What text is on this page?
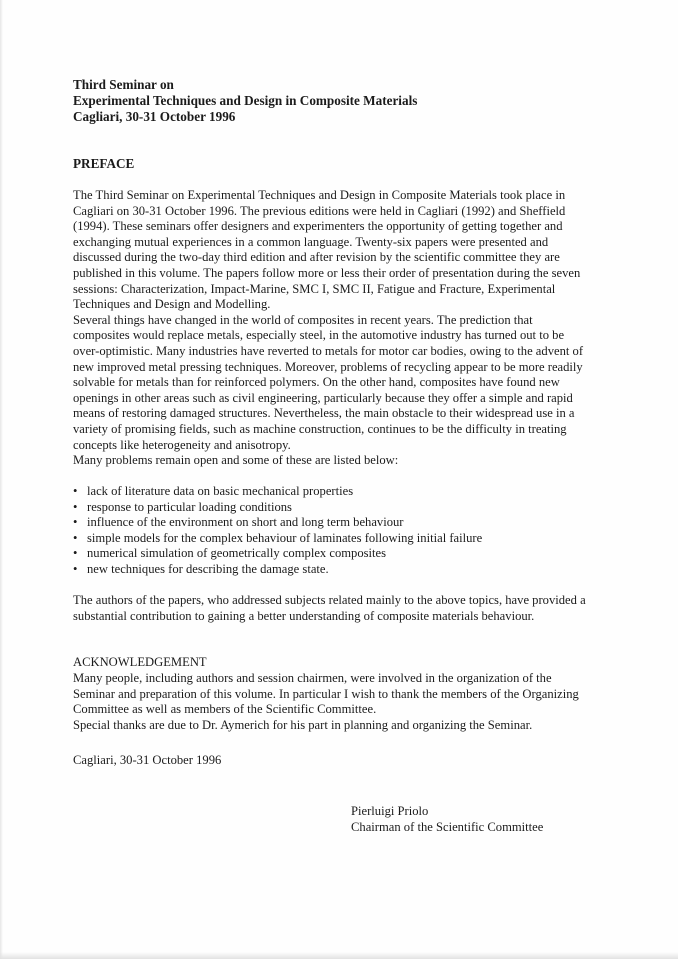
Third Seminar on
Experimental Techniques and Design in Composite Materials
Cagliari, 30-31 October 1996
PREFACE

The Third Seminar on Experimental Techniques and Design in Composite Materials took place in Cagliari on 30-31 October 1996. The previous editions were held in Cagliari (1992) and Sheffield (1994). These seminars offer designers and experimenters the opportunity of getting together and exchanging mutual experiences in a common language. Twenty-six papers were presented and discussed during the two-day third edition and after revision by the scientific committee they are published in this volume. The papers follow more or less their order of presentation during the seven sessions: Characterization, Impact-Marine, SMC I, SMC II, Fatigue and Fracture, Experimental Techniques and Design and Modelling.

Several things have changed in the world of composites in recent years. The prediction that composites would replace metals, especially steel, in the automotive industry has turned out to be over-optimistic. Many industries have reverted to metals for motor car bodies, owing to the advent of new improved metal pressing techniques. Moreover, problems of recycling appear to be more readily solvable for metals than for reinforced polymers. On the other hand, composites have found new openings in other areas such as civil engineering, particularly because they offer a simple and rapid means of restoring damaged structures. Nevertheless, the main obstacle to their widespread use in a variety of promising fields, such as machine construction, continues to be the difficulty in treating concepts like heterogeneity and anisotropy.

Many problems remain open and some of these are listed below:

• lack of literature data on basic mechanical properties
• response to particular loading conditions
• influence of the environment on short and long term behaviour
• simple models for the complex behaviour of laminates following initial failure
• numerical simulation of geometrically complex composites
• new techniques for describing the damage state.

The authors of the papers, who addressed subjects related mainly to the above topics, have provided a substantial contribution to gaining a better understanding of composite materials behaviour.

ACKNOWLEDGEMENT

Many people, including authors and session chairmen, were involved in the organization of the Seminar and preparation of this volume. In particular I wish to thank the members of the Organizing Committee as well as members of the Scientific Committee.

Special thanks are due to Dr. Aymerich for his part in planning and organizing the Seminar.

Cagliari, 30-31 October 1996
Pierluigi Priolo
Chairman of the Scientific Committee
